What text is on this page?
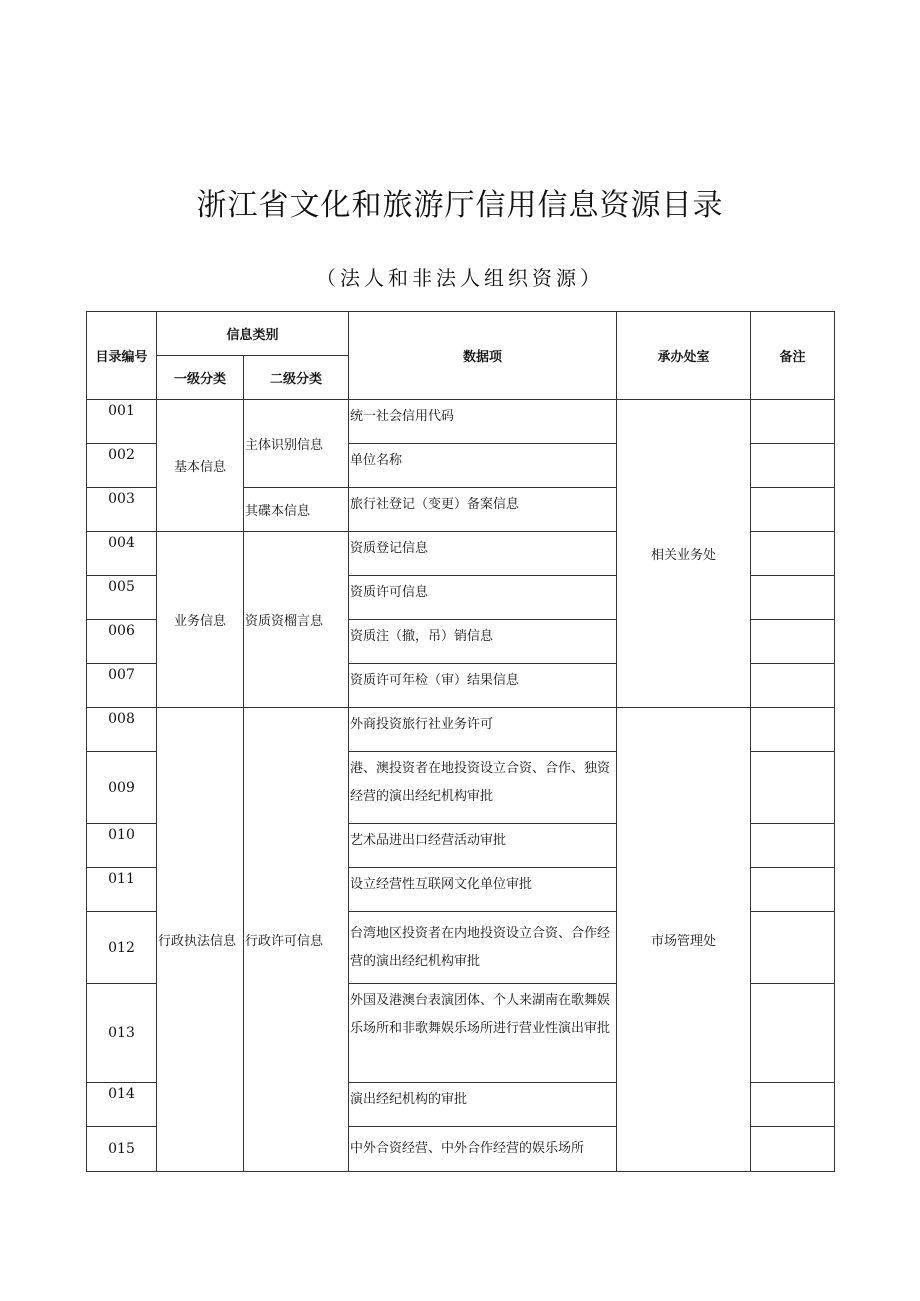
浙江省文化和旅游厅信用信息资源目录
（法人和非法人组织资源）
目录编号	信息类别		数据项	承办处室	备注
	一级分类	二级分类			
001	基本信息	主体识别信息	统一社会信用代码	相关业务处	
002			单位名称		
003		其碟本信息	旅行社登记（变更）备案信息		
004	业务信息	资质资榴言息	资质登记信息		
005			资质许可信息		
006			资质注（撤，吊）销信息		
007			资质许可年检（审）结果信息		
008	行政执法信息	行政许可信息	外商投资旅行社业务许可	市场管理处	
009			港、澳投资者在地投资设立合资、合作、独资经营的演出经纪机构审批		
010			艺术品进出口经营活动审批		
011			设立经营性互联网文化单位审批		
012			台湾地区投资者在内地投资设立合资、合作经营的演出经纪机构审批		
013			外国及港澳台表演团体、个人来湖南在歌舞娱乐场所和非歌舞娱乐场所进行营业性演出审批		
014			演出经纪机构的审批		
015			中外合资经营、中外合作经营的娱乐场所		
